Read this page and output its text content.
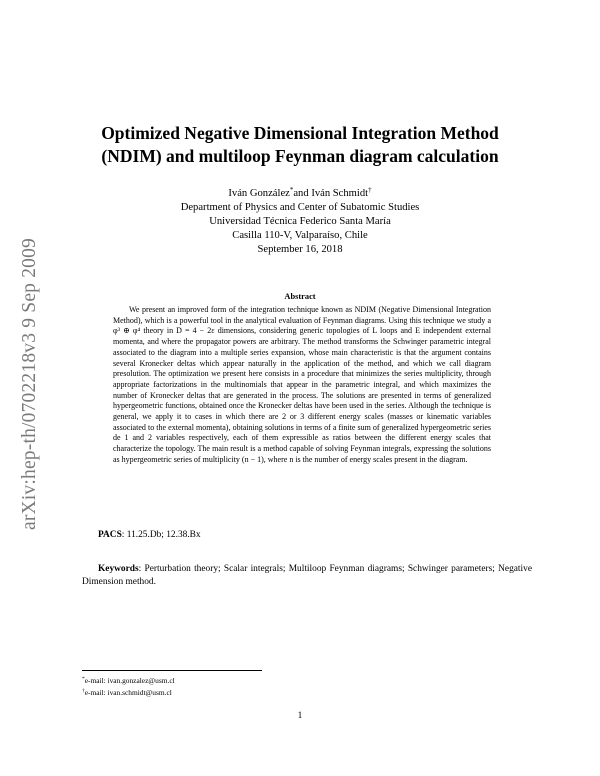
arXiv:hep-th/0702218v3 9 Sep 2009
Optimized Negative Dimensional Integration Method
(NDIM) and multiloop Feynman diagram calculation
Iván González*and Iván Schmidt†
Department of Physics and Center of Subatomic Studies
Universidad Técnica Federico Santa María
Casilla 110-V, Valparaíso, Chile
September 16, 2018
Abstract
We present an improved form of the integration technique known as NDIM (Negative Dimensional Integration Method), which is a powerful tool in the analytical evaluation of Feynman diagrams. Using this technique we study a φ³ ⊕ φ⁴ theory in D = 4 − 2ε dimensions, considering generic topologies of L loops and E independent external momenta, and where the propagator powers are arbitrary. The method transforms the Schwinger parametric integral associated to the diagram into a multiple series expansion, whose main characteristic is that the argument contains several Kronecker deltas which appear naturally in the application of the method, and which we call diagram presolution. The optimization we present here consists in a procedure that minimizes the series multiplicity, through appropriate factorizations in the multinomials that appear in the parametric integral, and which maximizes the number of Kronecker deltas that are generated in the process. The solutions are presented in terms of generalized hypergeometric functions, obtained once the Kronecker deltas have been used in the series. Although the technique is general, we apply it to cases in which there are 2 or 3 different energy scales (masses or kinematic variables associated to the external momenta), obtaining solutions in terms of a finite sum of generalized hypergeometric series de 1 and 2 variables respectively, each of them expressible as ratios between the different energy scales that characterize the topology. The main result is a method capable of solving Feynman integrals, expressing the solutions as hypergeometric series of multiplicity (n − 1), where n is the number of energy scales present in the diagram.
PACS: 11.25.Db; 12.38.Bx
Keywords: Perturbation theory; Scalar integrals; Multiloop Feynman diagrams; Schwinger parameters; Negative Dimension method.
*e-mail: ivan.gonzalez@usm.cl
†e-mail: ivan.schmidt@usm.cl
1
